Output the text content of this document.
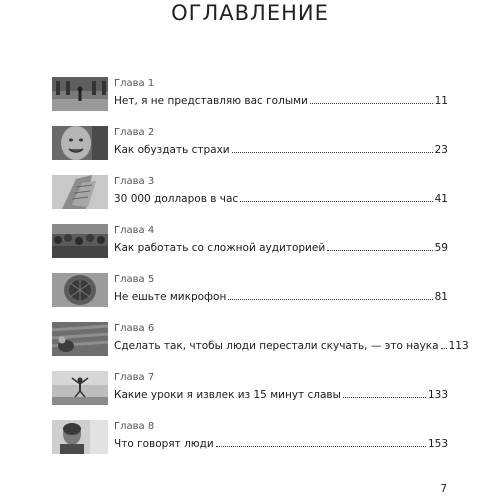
ОГЛАВЛЕНИЕ
Глава 1
Нет, я не представляю вас голыми	11
Глава 2
Как обуздать страхи	23
Глава 3
30 000 долларов в час	41
Глава 4
Как работать со сложной аудиторией	59
Глава 5
Не ешьте микрофон	81
Глава 6
Сделать так, чтобы люди перестали скучать, — это наука 113
Глава 7
Какие уроки я извлек из 15 минут славы	133
Глава 8
Что говорят люди	153
7
